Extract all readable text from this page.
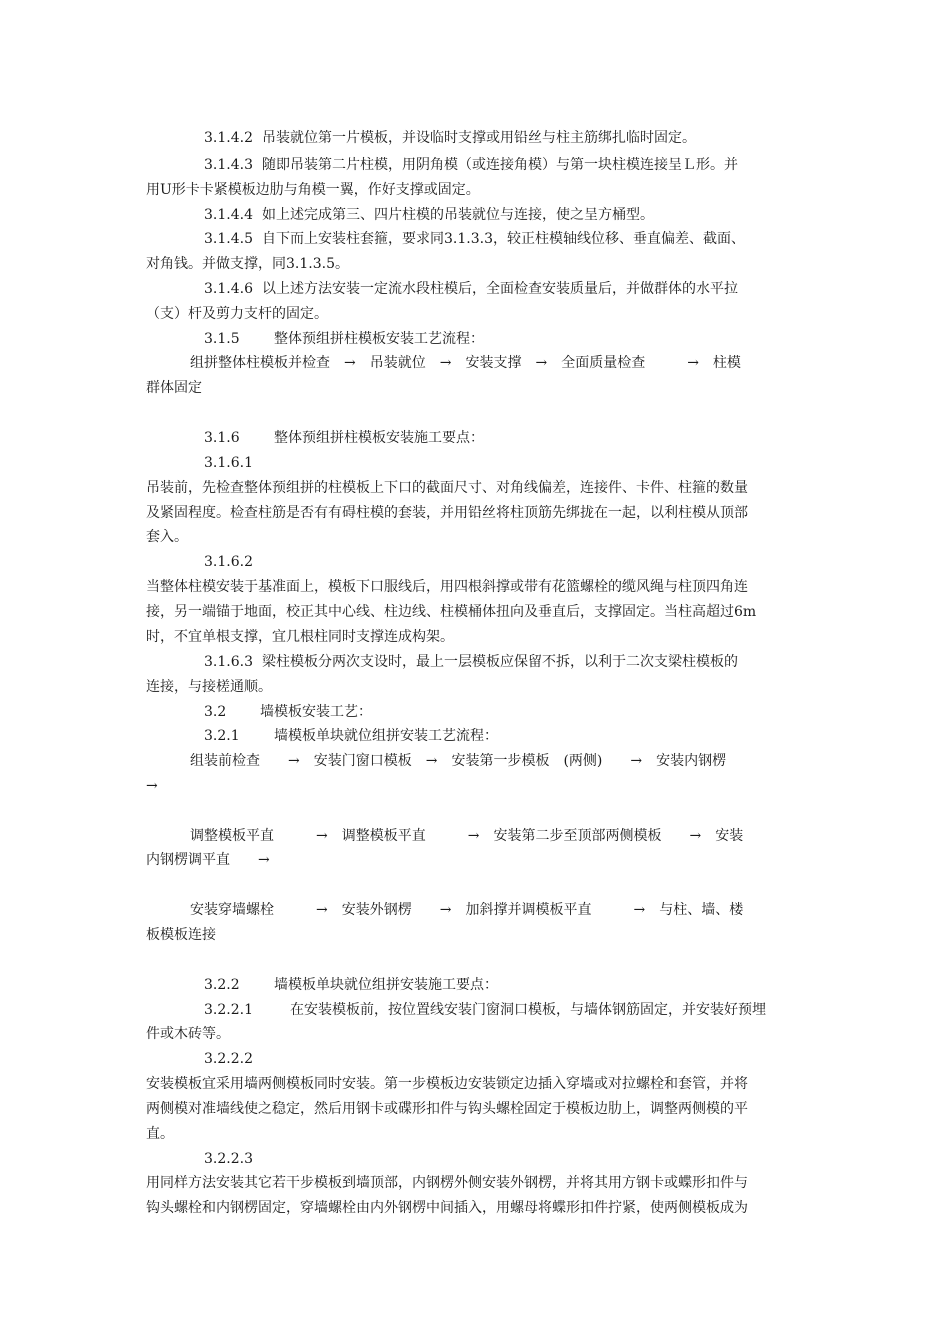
3.1.4.2 吊装就位第一片模板，并设临时支撑或用铅丝与柱主筋绑扎临时固定。
3.1.4.3 随即吊装第二片柱模，用阴角模（或连接角模）与第一块柱模连接呈Ｌ形。并
用U形卡卡紧模板边肋与角模一翼，作好支撑或固定。
3.1.4.4 如上述完成第三、四片柱模的吊装就位与连接，使之呈方桶型。
3.1.4.5 自下而上安装柱套箍，要求同3.1.3.3，较正柱模轴线位移、垂直偏差、截面、
对角钱。并做支撑，同3.1.3.5。
3.1.4.6 以上述方法安装一定流水段柱模后，全面检查安装质量后，并做群体的水平拉
（支）杆及剪力支杆的固定。
3.1.5 整体预组拼柱模板安装工艺流程：
组拼整体柱模板并检查　→　吊装就位　→　安装支撑　→　全面质量检查　　　→　柱模
群体固定
3.1.6 整体预组拼柱模板安装施工要点：
3.1.6.1
吊装前，先检查整体预组拼的柱模板上下口的截面尺寸、对角线偏差，连接件、卡件、柱箍的数量
及紧固程度。检查柱筋是否有有碍柱模的套装，并用铅丝将柱顶筋先绑拢在一起，以利柱模从顶部
套入。
3.1.6.2
当整体柱模安装于基准面上，模板下口服线后，用四根斜撑或带有花篮螺栓的缆风绳与柱顶四角连
接，另一端锚于地面，校正其中心线、柱边线、柱模桶体扭向及垂直后，支撑固定。当柱高超过6m
时，不宜单根支撑，宜几根柱同时支撑连成构架。
3.1.6.3 梁柱模板分两次支设时，最上一层模板应保留不拆，以利于二次支梁柱模板的
连接，与接槎通顺。
3.2 墙模板安装工艺：
3.2.1 墙模板单块就位组拼安装工艺流程：
组装前检查　　→　安装门窗口模板　→　安装第一步模板　(两侧)　　→　安装内钢楞
→
调整模板平直　　　→　调整模板平直　　　→　安装第二步至顶部两侧模板　　→　安装
内钢楞调平直　　→
安装穿墙螺栓　　　→　安装外钢楞　　→　加斜撑并调模板平直　　　→　与柱、墙、楼
板模板连接
3.2.2 墙模板单块就位组拼安装施工要点：
3.2.2.1	在安装模板前，按位置线安装门窗洞口模板，与墙体钢筋固定，并安装好预埋
件或木砖等。
3.2.2.2
安装模板宜采用墙两侧模板同时安装。第一步模板边安装锁定边插入穿墙或对拉螺栓和套管，并将
两侧模对准墙线使之稳定，然后用钢卡或碟形扣件与钩头螺栓固定于模板边肋上，调整两侧模的平
直。
3.2.2.3
用同样方法安装其它若干步模板到墙顶部，内钢楞外侧安装外钢楞，并将其用方钢卡或蝶形扣件与
钩头螺栓和内钢楞固定，穿墙螺栓由内外钢楞中间插入，用螺母将蝶形扣件拧紧，使两侧模板成为
